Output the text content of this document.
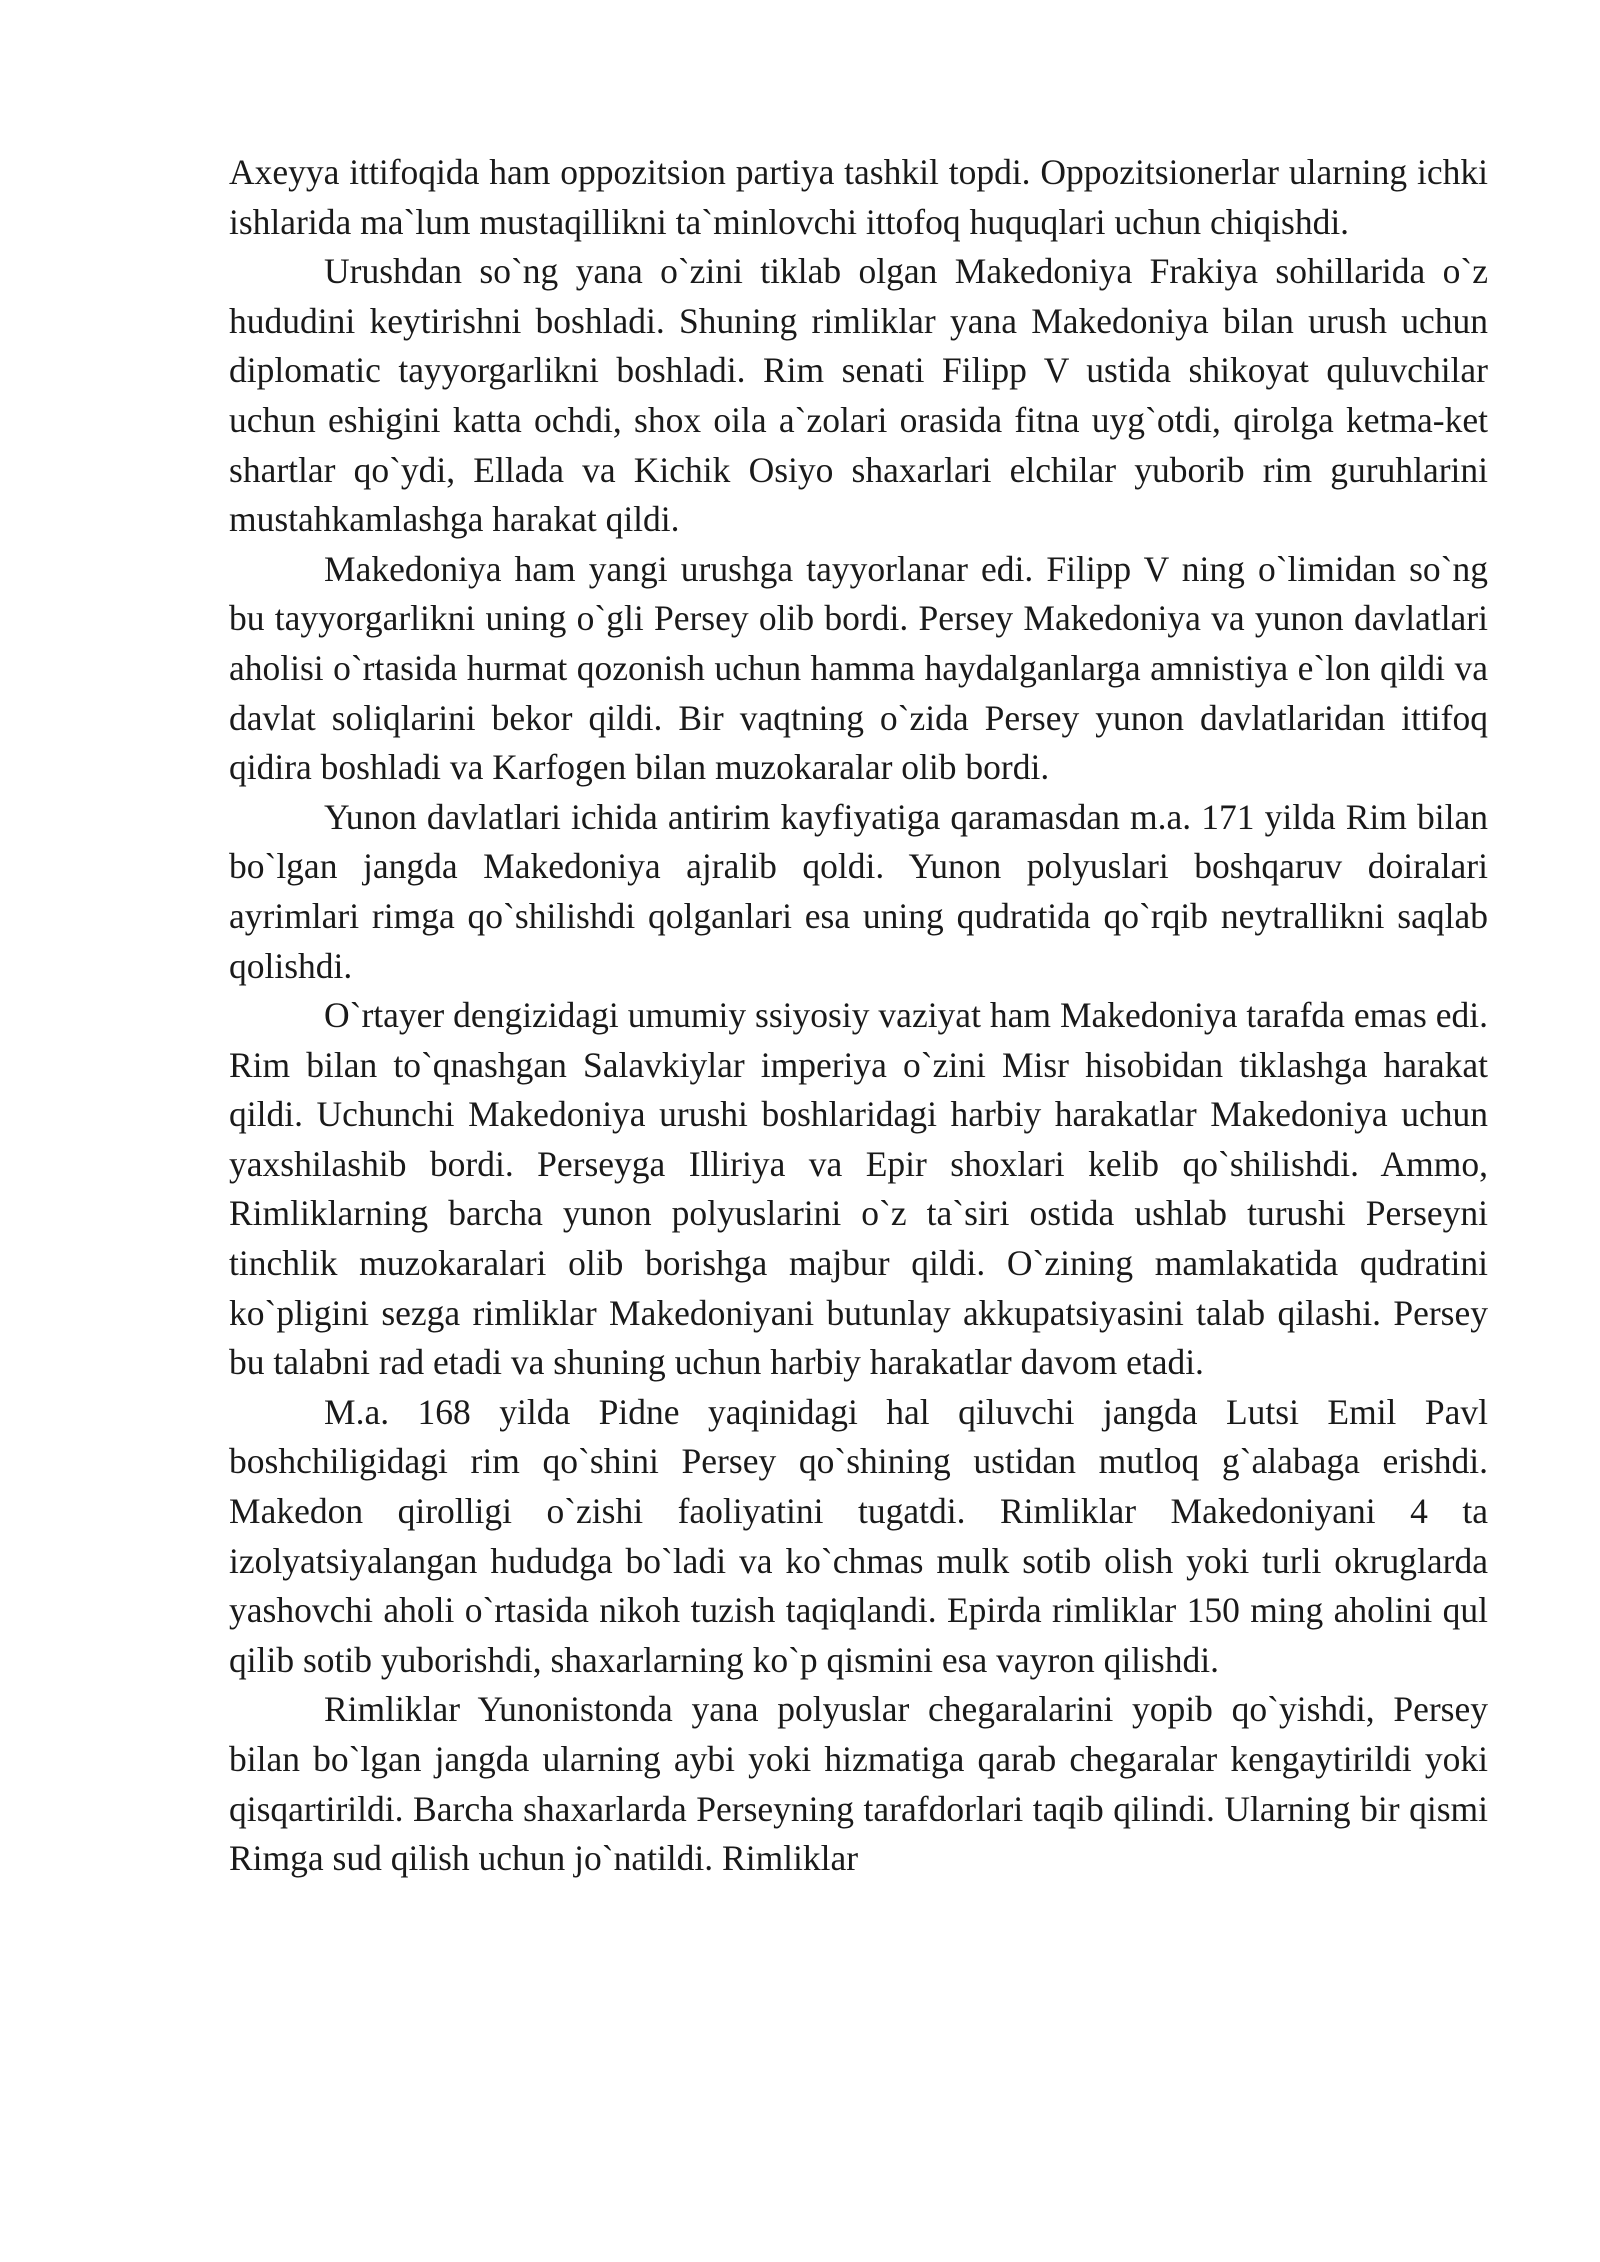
Axeyya ittifoqida ham oppozitsion partiya tashkil topdi. Oppozitsionerlar ularning ichki ishlarida ma`lum mustaqillikni ta`minlovchi ittofoq huquqlari uchun chiqishdi.

Urushdan so`ng yana o`zini tiklab olgan Makedoniya Frakiya sohillarida o`z hududini keytirishni boshladi. Shuning rimliklar yana Makedoniya bilan urush uchun diplomatic tayyorgarlikni boshladi. Rim senati Filipp V ustida shikoyat quluvchilar uchun eshigini katta ochdi, shox oila a`zolari orasida fitna uyg`otdi, qirolga ketma-ket shartlar qo`ydi, Ellada va Kichik Osiyo shaxarlari elchilar yuborib rim guruhlarini mustahkamlashga harakat qildi.

Makedoniya ham yangi urushga tayyorlanar edi. Filipp V ning o`limidan so`ng bu tayyorgarlikni uning o`gli Persey olib bordi. Persey Makedoniya va yunon davlatlari aholisi o`rtasida hurmat qozonish uchun hamma haydalganlarga amnistiya e`lon qildi va davlat soliqlarini bekor qildi. Bir vaqtning o`zida Persey yunon davlatlaridan ittifoq qidira boshladi va Karfogen bilan muzokaralar olib bordi.

Yunon davlatlari ichida antirim kayfiyatiga qaramasdan m.a. 171 yilda Rim bilan bo`lgan jangda Makedoniya ajralib qoldi. Yunon polyuslari boshqaruv doiralari ayrimlari rimga qo`shilishdi qolganlari esa uning qudratida qo`rqib neytrallikni saqlab qolishdi.

O`rtayer dengizidagi umumiy ssiyosiy vaziyat ham Makedoniya tarafda emas edi. Rim bilan to`qnashgan Salavkiylar imperiya o`zini Misr hisobidan tiklashga harakat qildi. Uchunchi Makedoniya urushi boshlaridagi harbiy harakatlar Makedoniya uchun yaxshilashib bordi. Perseyga Illiriya va Epir shoxlari kelib qo`shilishdi. Ammo, Rimliklarning barcha yunon polyuslarini o`z ta`siri ostida ushlab turushi Perseyni tinchlik muzokaralari olib borishga majbur qildi. O`zining mamlakatida qudratini ko`pligini sezga rimliklar Makedoniyani butunlay akkupatsiyasini talab qilashi. Persey bu talabni rad etadi va shuning uchun harbiy harakatlar davom etadi.

M.a. 168 yilda Pidne yaqinidagi hal qiluvchi jangda Lutsi Emil Pavl boshchiligidagi rim qo`shini Persey qo`shining ustidan mutloq g`alabaga erishdi. Makedon qirolligi o`zishi faoliyatini tugatdi. Rimliklar Makedoniyani 4 ta izolyatsiyalangan hududga bo`ladi va ko`chmas mulk sotib olish yoki turli okruglarda yashovchi aholi o`rtasida nikoh tuzish taqiqlandi. Epirda rimliklar 150 ming aholini qul qilib sotib yuborishdi, shaxarlarning ko`p qismini esa vayron qilishdi.

Rimliklar Yunonistonda yana polyuslar chegaralarini yopib qo`yishdi, Persey bilan bo`lgan jangda ularning aybi yoki hizmatiga qarab chegaralar kengaytirildi yoki qisqartirildi. Barcha shaxarlarda Perseyning tarafdorlari taqib qilindi. Ularning bir qismi Rimga sud qilish uchun jo`natildi. Rimliklar
